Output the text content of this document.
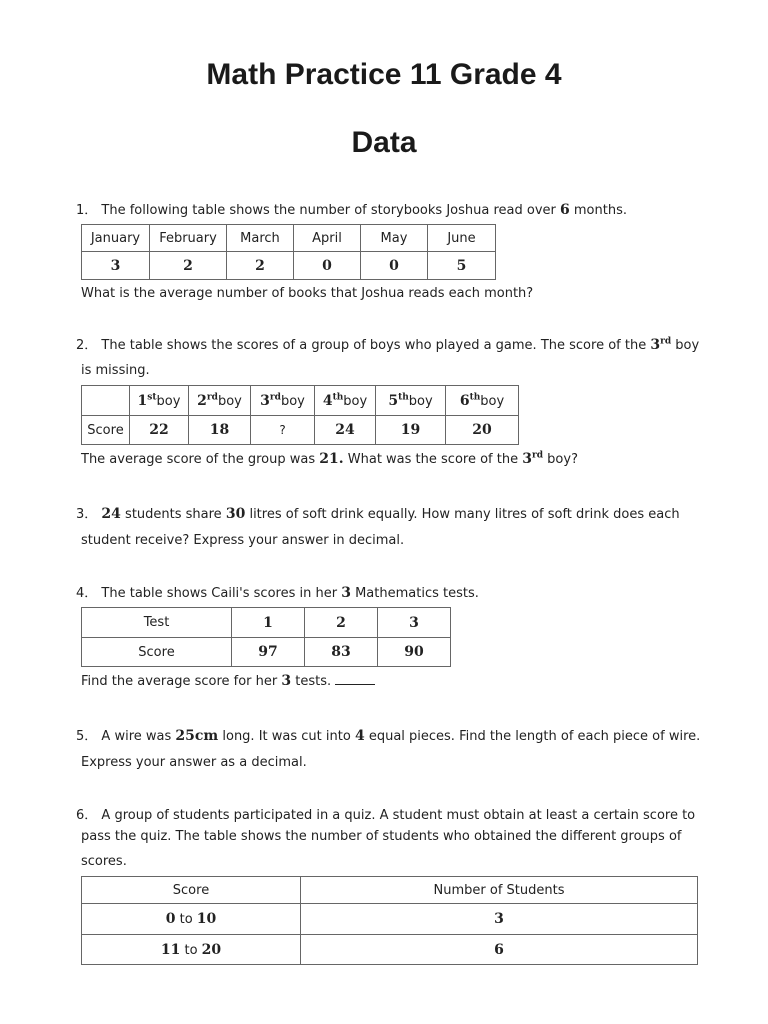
Math Practice 11 Grade 4
Data
1． The following table shows the number of storybooks Joshua read over 6 months.
January	February	March	April	May	June
3	2	2	0	0	5
What is the average number of books that Joshua reads each month?
2． The table shows the scores of a group of boys who played a game. The score of the 3rd boy
is missing.
	1stboy	2rdboy	3rdboy	4thboy	5thboy	6thboy
Score	22	18	?	24	19	20
The average score of the group was 21. What was the score of the 3rd boy?
3． 24 students share 30 litres of soft drink equally. How many litres of soft drink does each
student receive? Express your answer in decimal.
4． The table shows Caili's scores in her 3 Mathematics tests.
Test	1	2	3
Score	97	83	90
Find the average score for her 3 tests.
5． A wire was 25cm long. It was cut into 4 equal pieces. Find the length of each piece of wire.
Express your answer as a decimal.
6． A group of students participated in a quiz. A student must obtain at least a certain score to
pass the quiz. The table shows the number of students who obtained the different groups of
scores.
Score	Number of Students
0 to 10	3
11 to 20	6
